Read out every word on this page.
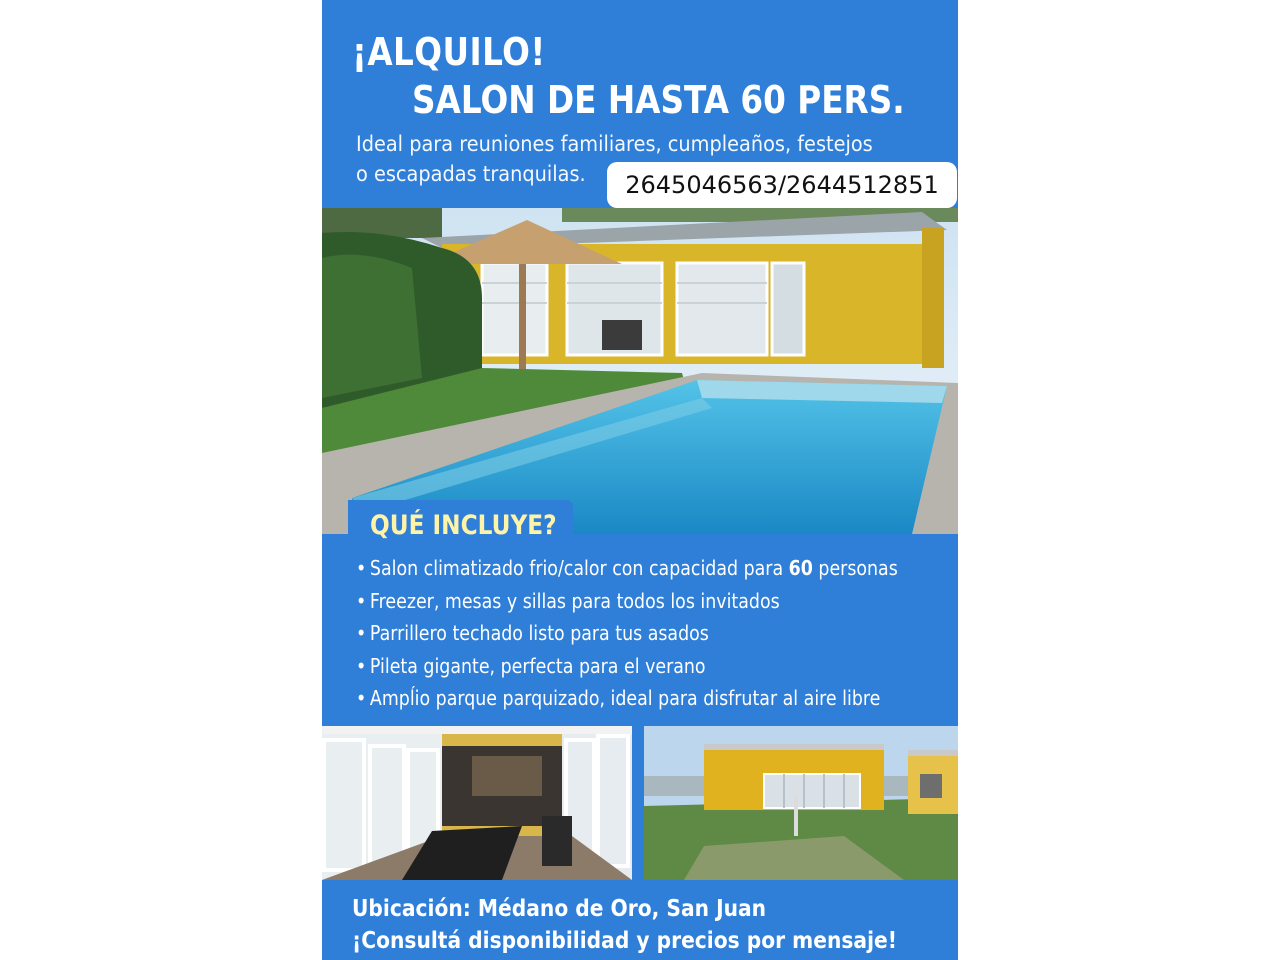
¡ALQUILO!
SALON DE HASTA 60 PERS.
Ideal para reuniones familiares, cumpleaños, festejos
o escapadas tranquilas.	2645046563/2644512851
QUÉ INCLUYE?
• Salon climatizado frio/calor con capacidad para 60 personas
• Freezer, mesas y sillas para todos los invitados
• Parrillero techado listo para tus asados
• Pileta gigante, perfecta para el verano
• Ampĺio parque parquizado, ideal para disfrutar al aire libre
Ubicación: Médano de Oro, San Juan
¡Consultá disponibilidad y precios por mensaje!
